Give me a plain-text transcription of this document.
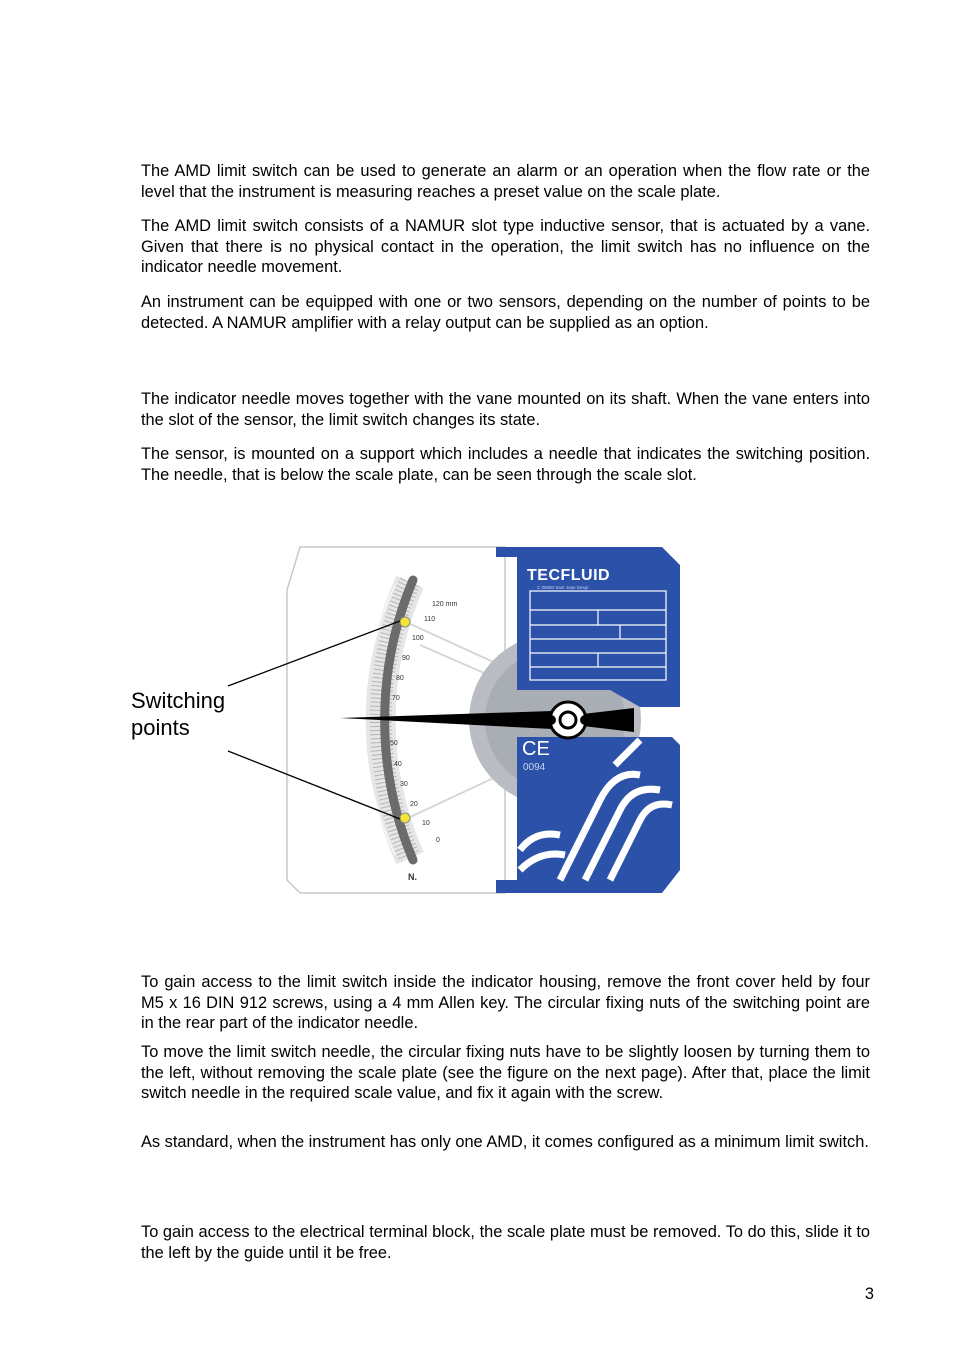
The AMD limit switch can be used to generate an alarm or an operation when the flow rate or the level that the instrument is measuring reaches a preset value on the scale plate.

The AMD limit switch consists of a NAMUR slot type inductive sensor, that is actuated by a vane. Given that there is no physical contact in the operation, the limit switch has no influence on the indicator needle movement.

An instrument can be equipped with one or two sensors, depending on the number of points to be detected. A NAMUR amplifier with a relay output can be supplied as an option.

The indicator needle moves together with the vane mounted on its shaft. When the vane enters into the slot of the sensor, the limit switch changes its state.

The sensor, is mounted on a support which includes a needle that indicates the switching position. The needle, that is below the scale plate, can be seen through the scale slot.

120 mm
110
100
90
80
70
50
40
30
20
10
0
N.
TECFLUID
C 05090 Sant Joan Despí
CE
0094
Switching
points

To gain access to the limit switch inside the indicator housing, remove the front cover held by four M5 x 16 DIN 912 screws, using a 4 mm Allen key. The circular fixing nuts of the switching point are in the rear part of the indicator needle.

To move the limit switch needle, the circular fixing nuts have to be slightly loosen by turning them to the left, without removing the scale plate (see the figure on the next page). After that, place the limit switch needle in the required scale value, and fix it again with the screw.

As standard, when the instrument has only one AMD, it comes configured as a minimum limit switch.

To gain access to the electrical terminal block, the scale plate must be removed. To do this, slide it to the left by the guide until it be free.

3
